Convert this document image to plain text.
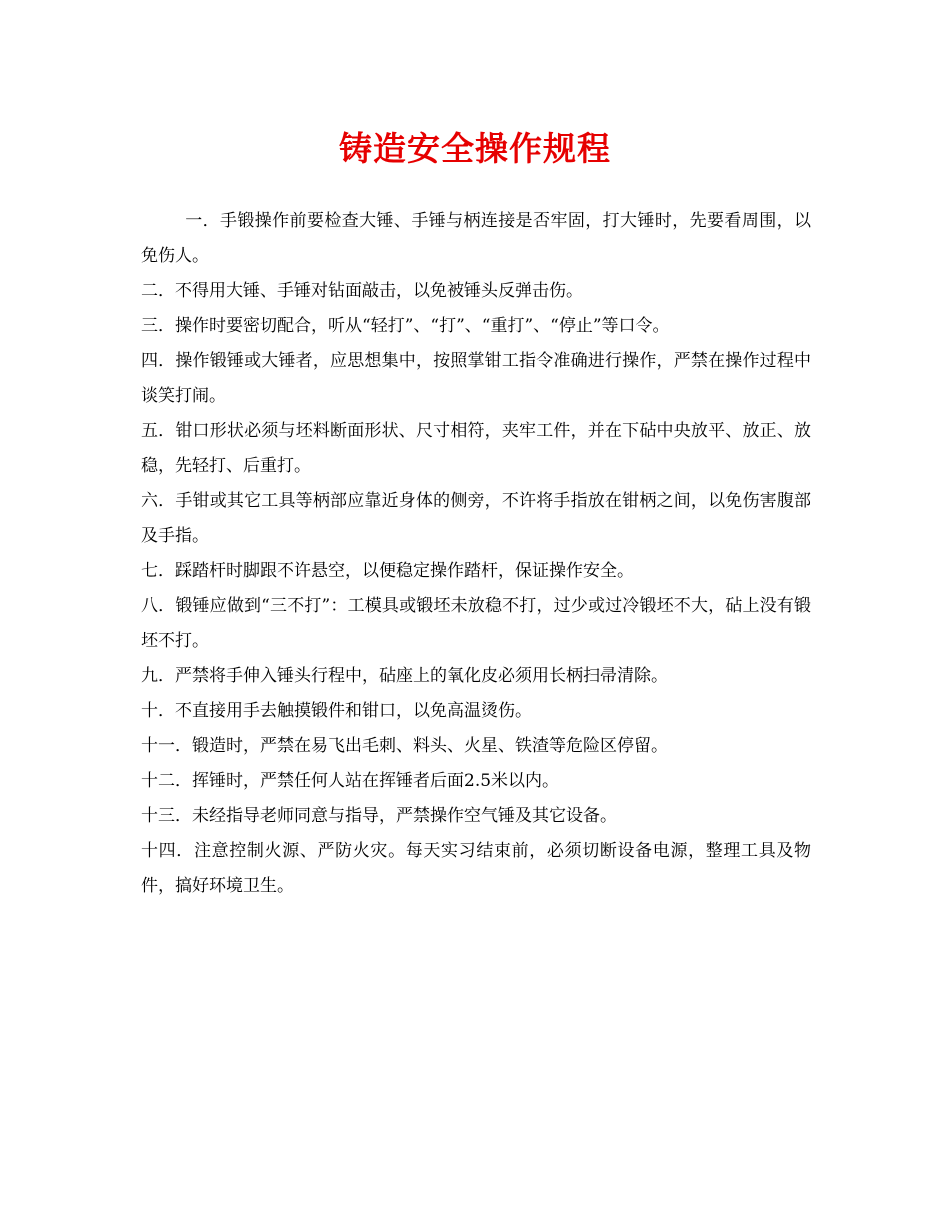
铸造安全操作规程
一．手锻操作前要检查大锤、手锤与柄连接是否牢固，打大锤时，先要看周围，以免伤人。
二．不得用大锤、手锤对钻面敲击，以免被锤头反弹击伤。
三．操作时要密切配合，听从“轻打”、“打”、“重打”、“停止”等口令。
四．操作锻锤或大锤者，应思想集中，按照掌钳工指令准确进行操作，严禁在操作过程中谈笑打闹。
五．钳口形状必须与坯料断面形状、尺寸相符，夹牢工件，并在下砧中央放平、放正、放稳，先轻打、后重打。
六．手钳或其它工具等柄部应靠近身体的侧旁，不许将手指放在钳柄之间，以免伤害腹部及手指。
七．踩踏杆时脚跟不许悬空，以便稳定操作踏杆，保证操作安全。
八．锻锤应做到“三不打”：工模具或锻坯未放稳不打，过少或过冷锻坯不大，砧上没有锻坯不打。
九．严禁将手伸入锤头行程中，砧座上的氧化皮必须用长柄扫帚清除。
十．不直接用手去触摸锻件和钳口，以免高温烫伤。
十一．锻造时，严禁在易飞出毛刺、料头、火星、铁渣等危险区停留。
十二．挥锤时，严禁任何人站在挥锤者后面2.5米以内。
十三．未经指导老师同意与指导，严禁操作空气锤及其它设备。
十四．注意控制火源、严防火灾。每天实习结束前，必须切断设备电源，整理工具及物件，搞好环境卫生。
